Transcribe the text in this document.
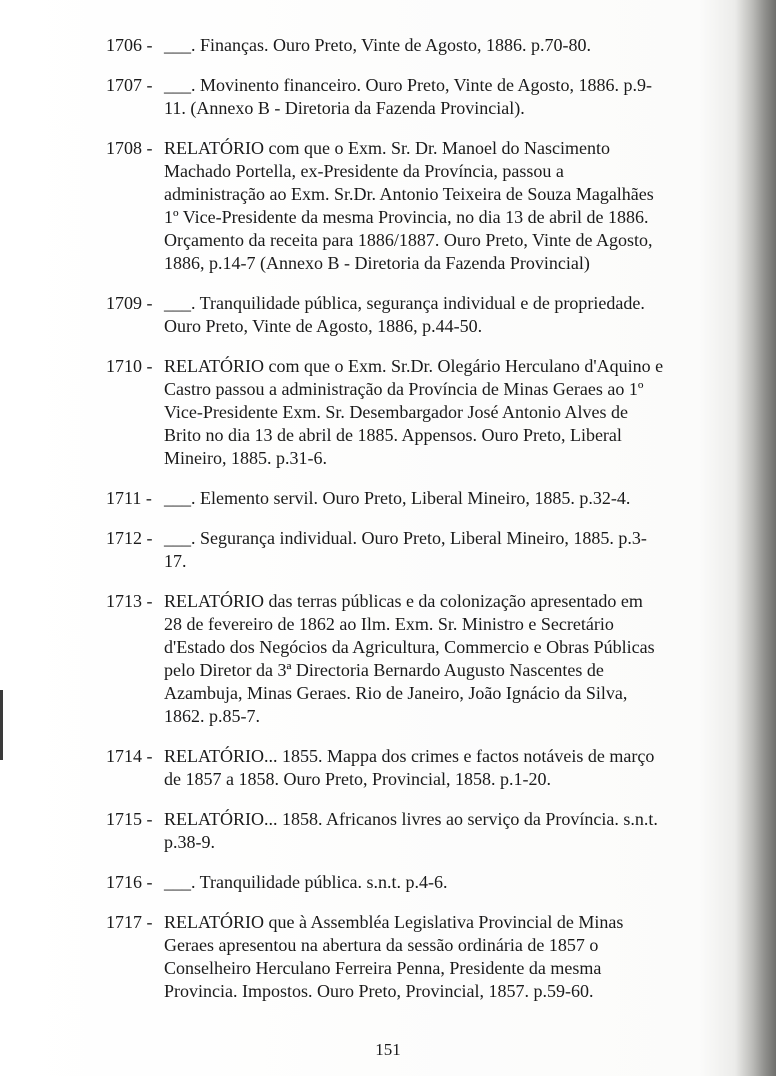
1706 - ___. Finanças. Ouro Preto, Vinte de Agosto, 1886. p.70-80.
1707 - ___. Movinento financeiro. Ouro Preto, Vinte de Agosto, 1886. p.9-11. (Annexo B - Diretoria da Fazenda Provincial).
1708 - RELATÓRIO com que o Exm. Sr. Dr. Manoel do Nascimento Machado Portella, ex-Presidente da Província, passou a administração ao Exm. Sr.Dr. Antonio Teixeira de Souza Magalhães 1º Vice-Presidente da mesma Provincia, no dia 13 de abril de 1886. Orçamento da receita para 1886/1887. Ouro Preto, Vinte de Agosto, 1886, p.14-7 (Annexo B - Diretoria da Fazenda Provincial)
1709 - ___. Tranquilidade pública, segurança individual e de propriedade. Ouro Preto, Vinte de Agosto, 1886, p.44-50.
1710 - RELATÓRIO com que o Exm. Sr.Dr. Olegário Herculano d'Aquino e Castro passou a administração da Província de Minas Geraes ao 1º Vice-Presidente Exm. Sr. Desembargador José Antonio Alves de Brito no dia 13 de abril de 1885. Appensos. Ouro Preto, Liberal Mineiro, 1885. p.31-6.
1711 - ___. Elemento servil. Ouro Preto, Liberal Mineiro, 1885. p.32-4.
1712 - ___. Segurança individual. Ouro Preto, Liberal Mineiro, 1885. p.3-17.
1713 - RELATÓRIO das terras públicas e da colonização apresentado em 28 de fevereiro de 1862 ao Ilm. Exm. Sr. Ministro e Secretário d'Estado dos Negócios da Agricultura, Commercio e Obras Públicas pelo Diretor da 3ª Directoria Bernardo Augusto Nascentes de Azambuja, Minas Geraes. Rio de Janeiro, João Ignácio da Silva, 1862. p.85-7.
1714 - RELATÓRIO... 1855. Mappa dos crimes e factos notáveis de março de 1857 a 1858. Ouro Preto, Provincial, 1858. p.1-20.
1715 - RELATÓRIO... 1858. Africanos livres ao serviço da Província. s.n.t. p.38-9.
1716 - ___. Tranquilidade pública. s.n.t. p.4-6.
1717 - RELATÓRIO que à Assembléa Legislativa Provincial de Minas Geraes apresentou na abertura da sessão ordinária de 1857 o Conselheiro Herculano Ferreira Penna, Presidente da mesma Provincia. Impostos. Ouro Preto, Provincial, 1857. p.59-60.
151
